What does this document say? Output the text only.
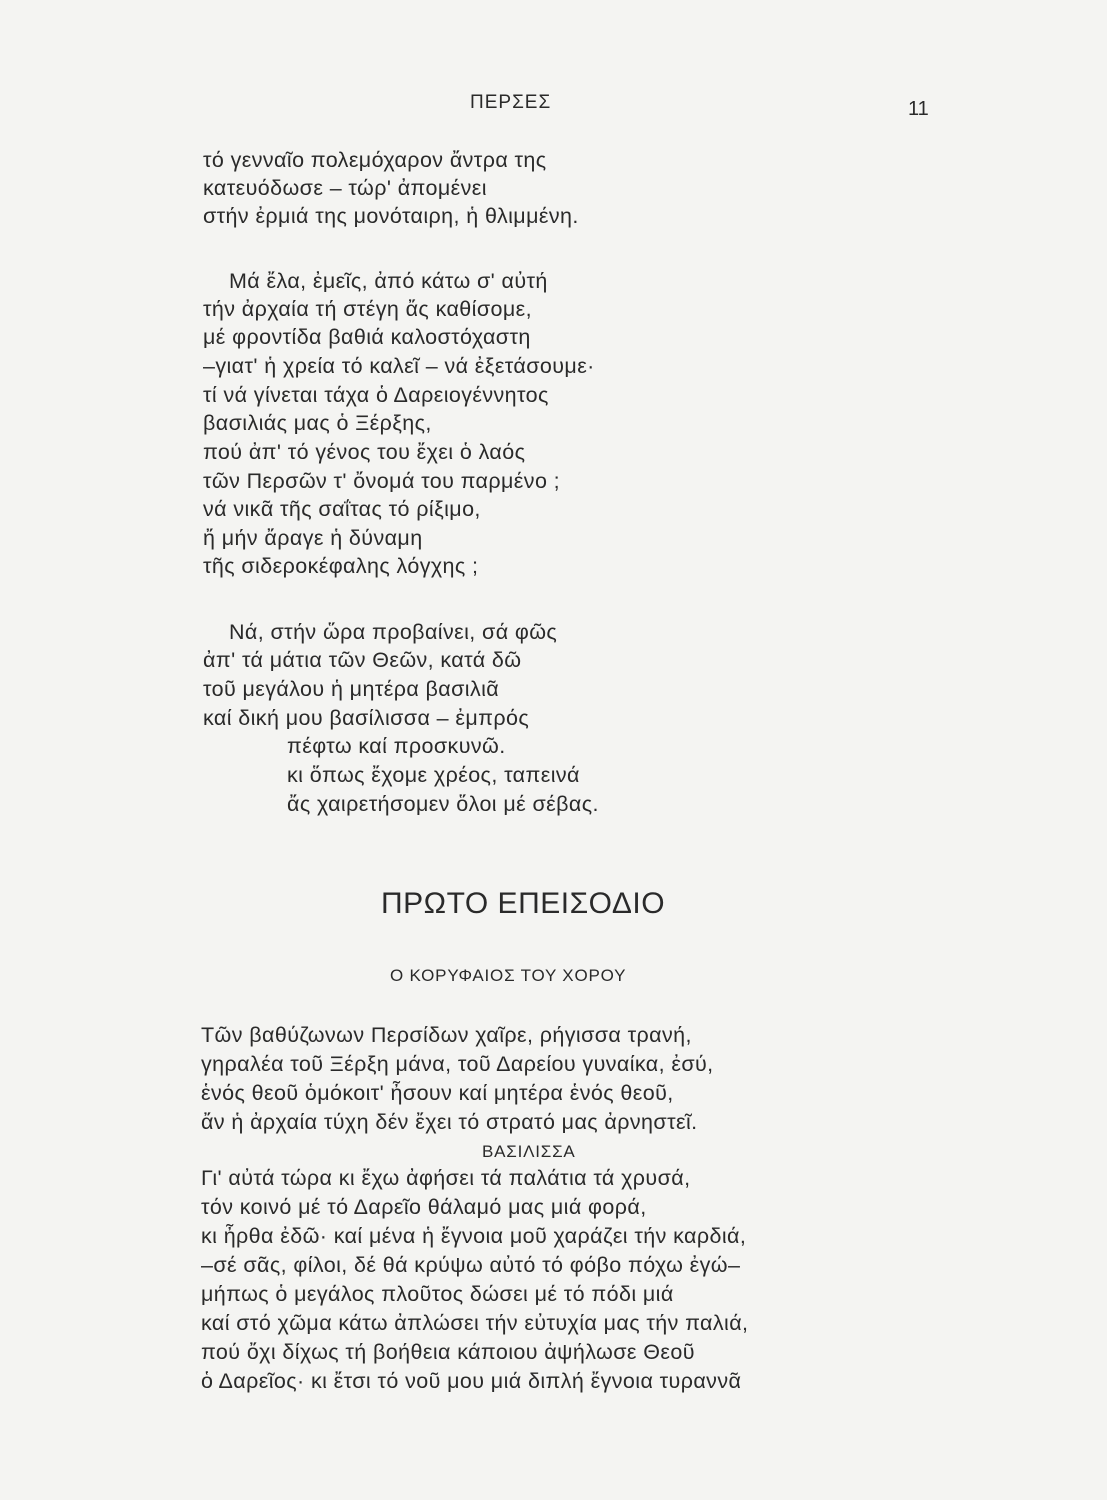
ΠΕΡΣΕΣ	11
τό γενναῖο πολεμόχαρον ἄντρα της
κατευόδωσε – τώρ' ἀπομένει
στήν ἐρμιά της μονόταιρη, ἡ θλιμμένη.
Μά ἔλα, ἐμεῖς, ἀπό κάτω σ' αὐτή
τήν ἀρχαία τή στέγη ἄς καθίσομε,
μέ φροντίδα βαθιά καλοστόχαστη
–γιατ' ἡ χρεία τό καλεῖ – νά ἐξετάσουμε·
τί νά γίνεται τάχα ὁ Δαρειογέννητος
βασιλιάς μας ὁ Ξέρξης,
πού ἀπ' τό γένος του ἔχει ὁ λαός
τῶν Περσῶν τ' ὄνομά του παρμένο ;
νά νικᾶ τῆς σαΐτας τό ρίξιμο,
ἤ μήν ἄραγε ἡ δύναμη
τῆς σιδεροκέφαλης λόγχης ;
Νά, στήν ὥρα προβαίνει, σά φῶς
ἀπ' τά μάτια τῶν Θεῶν, κατά δῶ
τοῦ μεγάλου ἡ μητέρα βασιλιᾶ
καί δική μου βασίλισσα – ἐμπρός
πέφτω καί προσκυνῶ.
κι ὅπως ἔχομε χρέος, ταπεινά
ἄς χαιρετήσομεν ὅλοι μέ σέβας.
ΠΡΩΤΟ ΕΠΕΙΣΟΔΙΟ
Ο ΚΟΡΥΦΑΙΟΣ ΤΟΥ ΧΟΡΟΥ
Τῶν βαθύζωνων Περσίδων χαῖρε, ρήγισσα τρανή,
γηραλέα τοῦ Ξέρξη μάνα, τοῦ Δαρείου γυναίκα, ἐσύ,
ἑνός θεοῦ ὁμόκοιτ' ἦσουν καί μητέρα ἑνός θεοῦ,
ἄν ἡ ἀρχαία τύχη δέν ἔχει τό στρατό μας ἀρνηστεῖ.
ΒΑΣΙΛΙΣΣΑ
Γι' αὐτά τώρα κι ἔχω ἀφήσει τά παλάτια τά χρυσά,
τόν κοινό μέ τό Δαρεῖο θάλαμό μας μιά φορά,
κι ἦρθα ἐδῶ· καί μένα ἡ ἔγνοια μοῦ χαράζει τήν καρδιά,
–σέ σᾶς, φίλοι, δέ θά κρύψω αὐτό τό φόβο πόχω ἐγώ–
μήπως ὁ μεγάλος πλοῦτος δώσει μέ τό πόδι μιά
καί στό χῶμα κάτω ἀπλώσει τήν εὐτυχία μας τήν παλιά,
πού ὄχι δίχως τή βοήθεια κάποιου ἀψήλωσε Θεοῦ
ὁ Δαρεῖος· κι ἔτσι τό νοῦ μου μιά διπλή ἔγνοια τυραννᾶ
